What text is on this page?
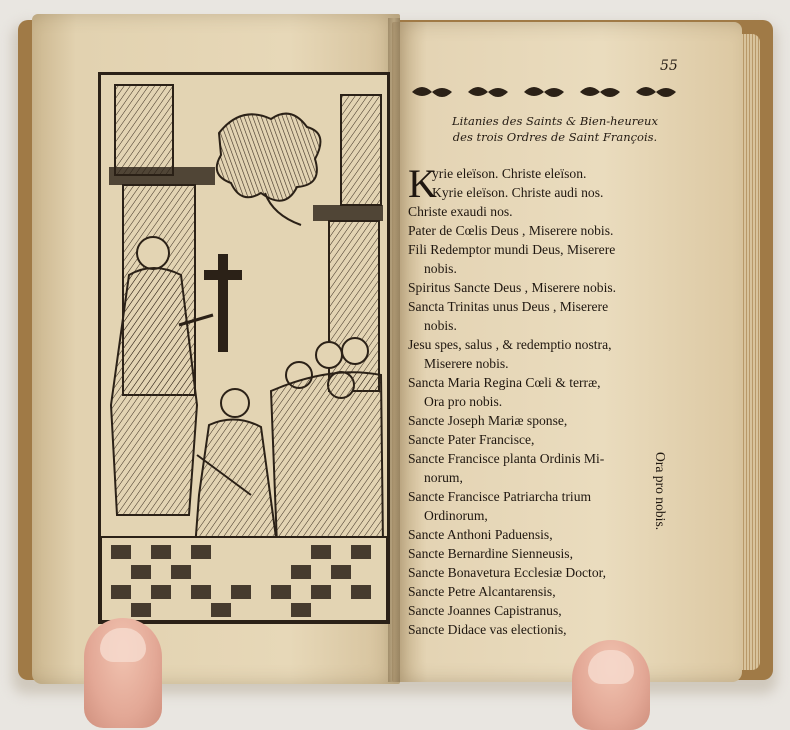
55
Litanies des Saints & Bien-heureux
des trois Ordres de Saint François.
K
yrie eleïson. Christe eleïson.
Kyrie eleïson. Christe audi nos.
Christe exaudi nos.
Pater de Cœlis Deus , Miserere nobis.
Fili Redemptor mundi Deus, Miserere
nobis.
Spiritus Sancte Deus , Miserere nobis.
Sancta Trinitas unus Deus , Miserere
nobis.
Jesu spes, salus , & redemptio nostra,
Miserere nobis.
Sancta Maria Regina Cœli & terræ,
Ora pro nobis.
Sancte Joseph Mariæ sponse,
Sancte Pater Francisce,
Sancte Francisce planta Ordinis Mi-
norum,
Sancte Francisce Patriarcha trium
Ordinorum,
Sancte Anthoni Paduensis,
Sancte Bernardine Sienneusis,
Sancte Bonavetura Ecclesiæ Doctor,
Sancte Petre Alcantarensis,
Sancte Joannes Capistranus,
Sancte Didace vas electionis,
Ora pro nobis.
